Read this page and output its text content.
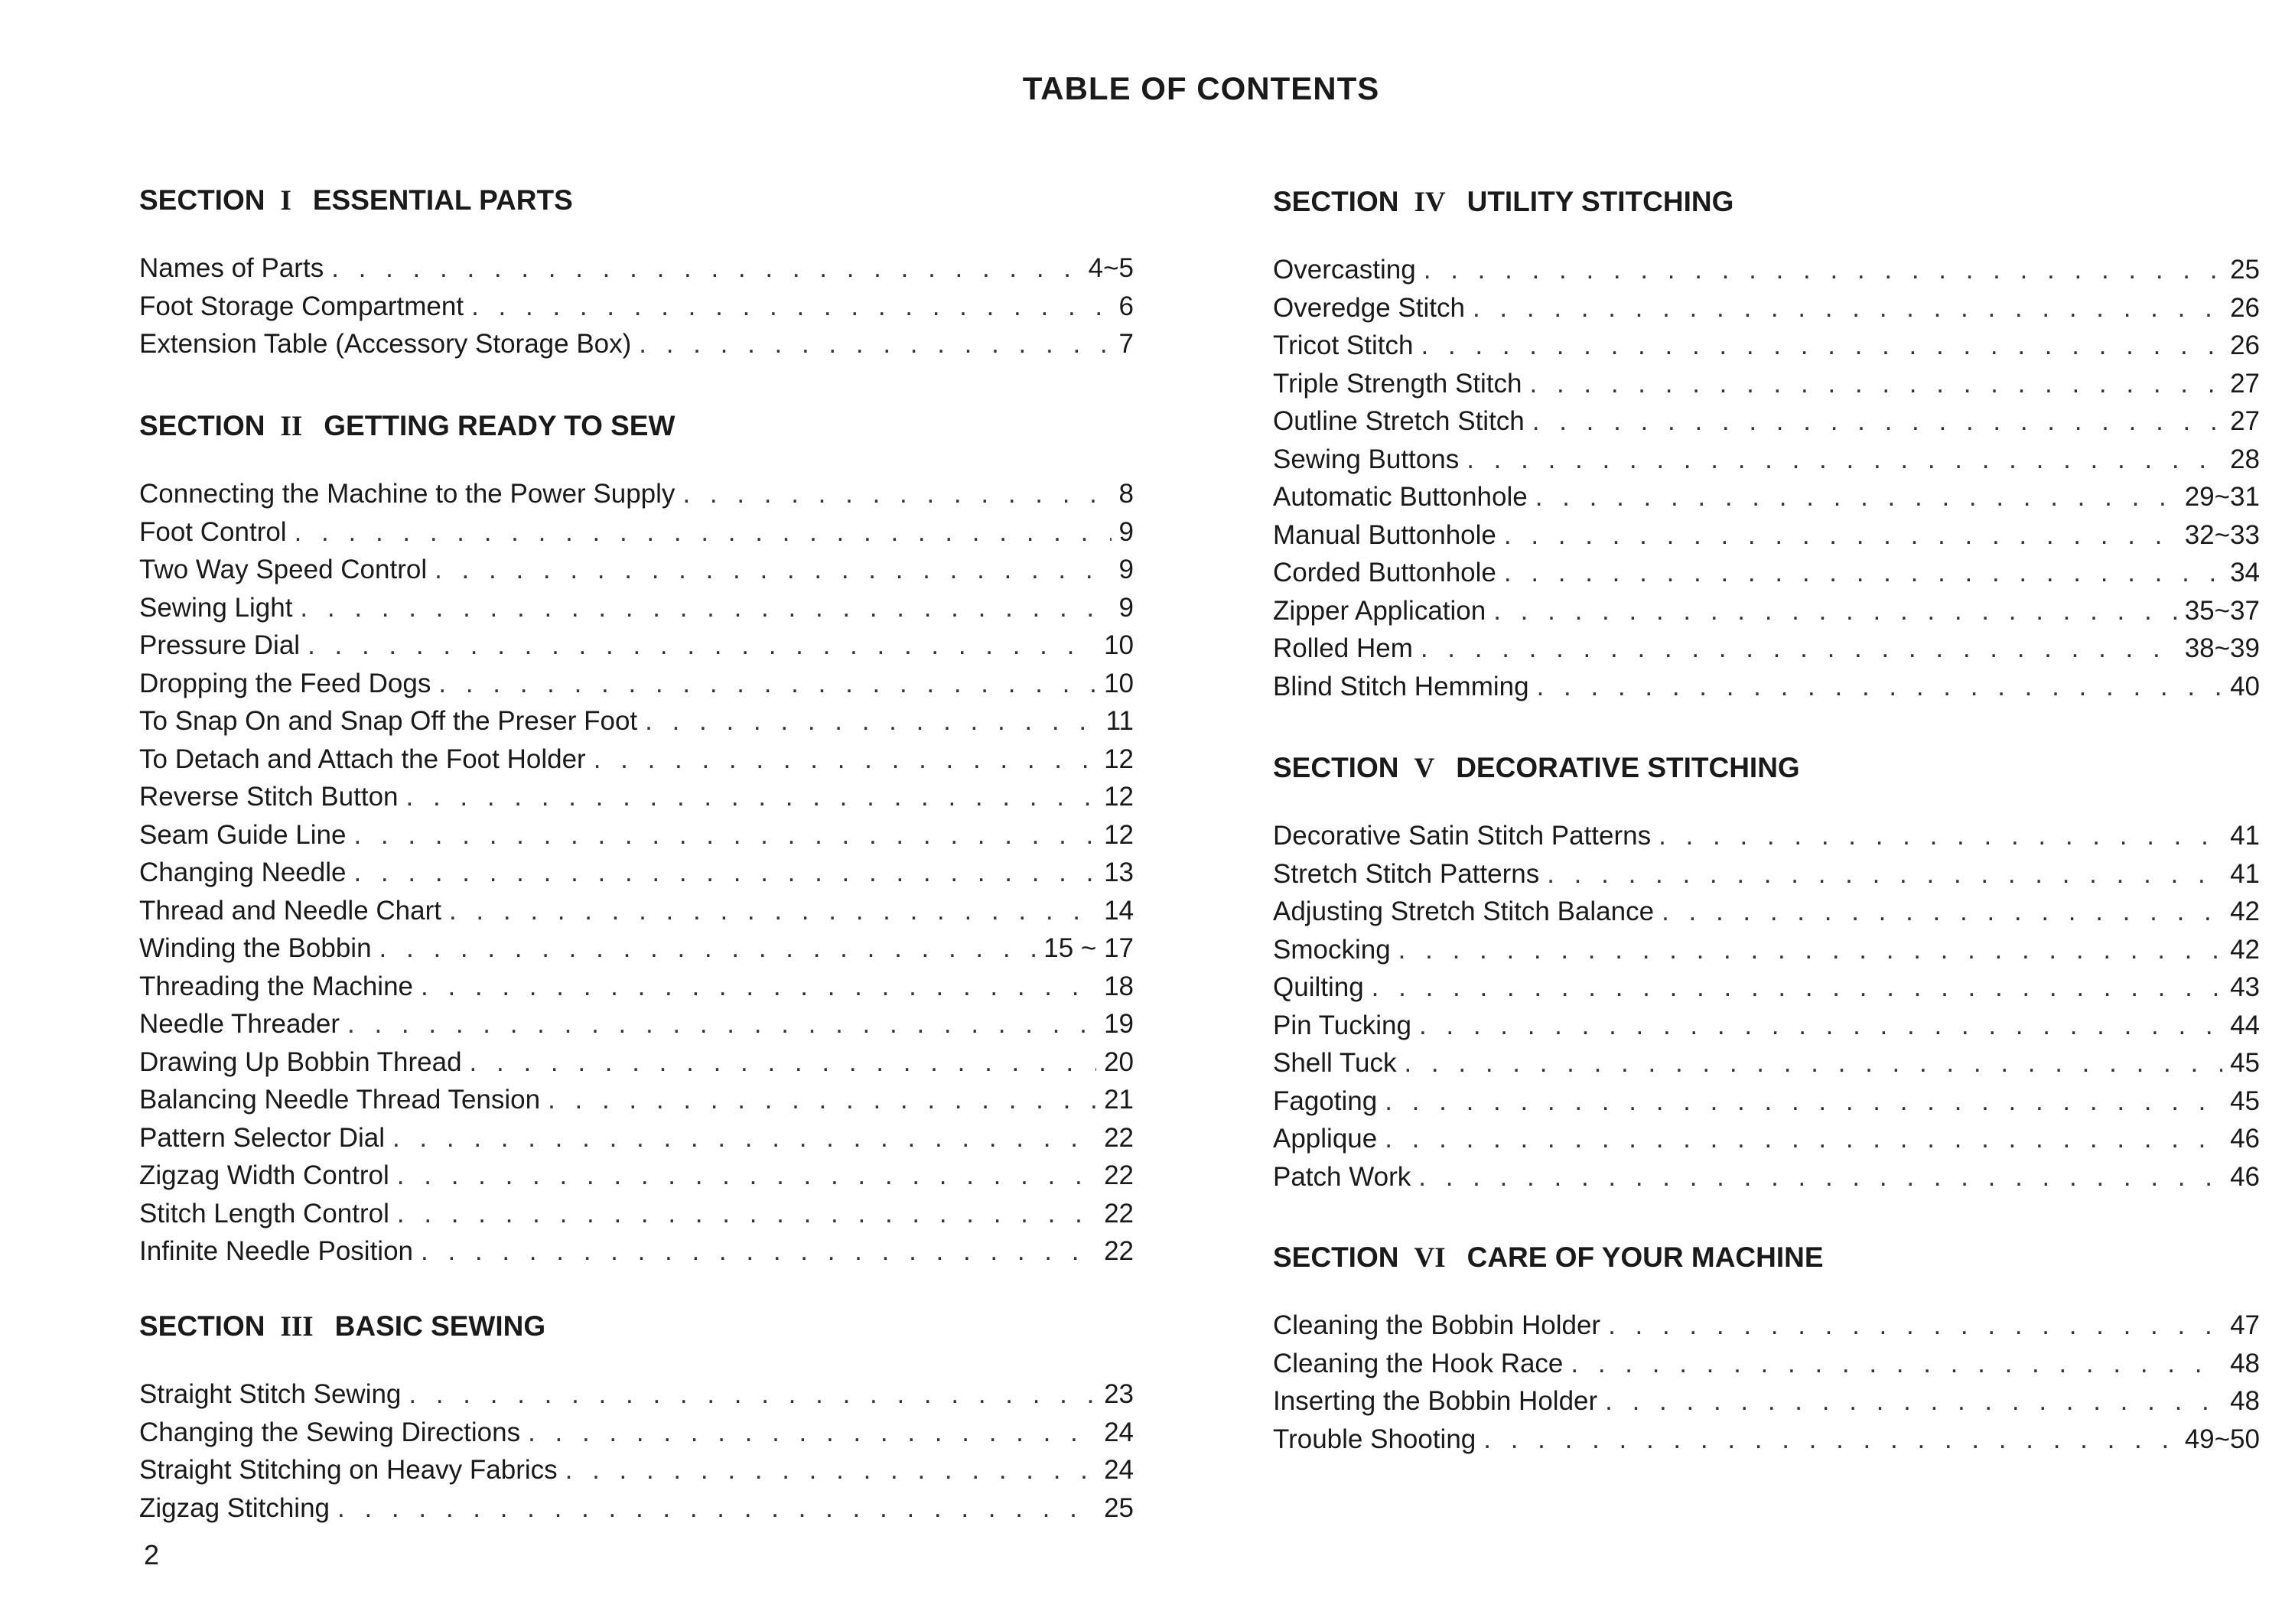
TABLE OF CONTENTS
SECTION I ESSENTIAL PARTS
Names of Parts . . .	4~5
Foot Storage Compartment . . .	6
Extension Table (Accessory Storage Box) . . .	7
SECTION II GETTING READY TO SEW
Connecting the Machine to the Power Supply . . .	8
Foot Control . . .	9
Two Way Speed Control . . .	9
Sewing Light . . .	9
Pressure Dial . . .	10
Dropping the Feed Dogs . . .	10
To Snap On and Snap Off the Preser Foot . . .	11
To Detach and Attach the Foot Holder . . .	12
Reverse Stitch Button . . .	12
Seam Guide Line . . .	12
Changing Needle . . .	13
Thread and Needle Chart . . .	14
Winding the Bobbin . . .	15 ~ 17
Threading the Machine . . .	18
Needle Threader . . .	19
Drawing Up Bobbin Thread . . .	20
Balancing Needle Thread Tension . . .	21
Pattern Selector Dial . . .	22
Zigzag Width Control . . .	22
Stitch Length Control . . .	22
Infinite Needle Position . . .	22
SECTION III BASIC SEWING
Straight Stitch Sewing . . .	23
Changing the Sewing Directions . . .	24
Straight Stitching on Heavy Fabrics . . .	24
Zigzag Stitching . . .	25
SECTION IV UTILITY STITCHING
Overcasting . . .	25
Overedge Stitch . . .	26
Tricot Stitch . . .	26
Triple Strength Stitch . . .	27
Outline Stretch Stitch . . .	27
Sewing Buttons . . .	28
Automatic Buttonhole . . .	29~31
Manual Buttonhole . . .	32~33
Corded Buttonhole . . .	34
Zipper Application . . .	35~37
Rolled Hem . . .	38~39
Blind Stitch Hemming . . .	40
SECTION V DECORATIVE STITCHING
Decorative Satin Stitch Patterns . . .	41
Stretch Stitch Patterns . . .	41
Adjusting Stretch Stitch Balance . . .	42
Smocking . . .	42
Quilting . . .	43
Pin Tucking . . .	44
Shell Tuck . . .	45
Fagoting . . .	45
Applique . . .	46
Patch Work . . .	46
SECTION VI CARE OF YOUR MACHINE
Cleaning the Bobbin Holder . . .	47
Cleaning the Hook Race . . .	48
Inserting the Bobbin Holder . . .	48
Trouble Shooting . . .	49~50
2
